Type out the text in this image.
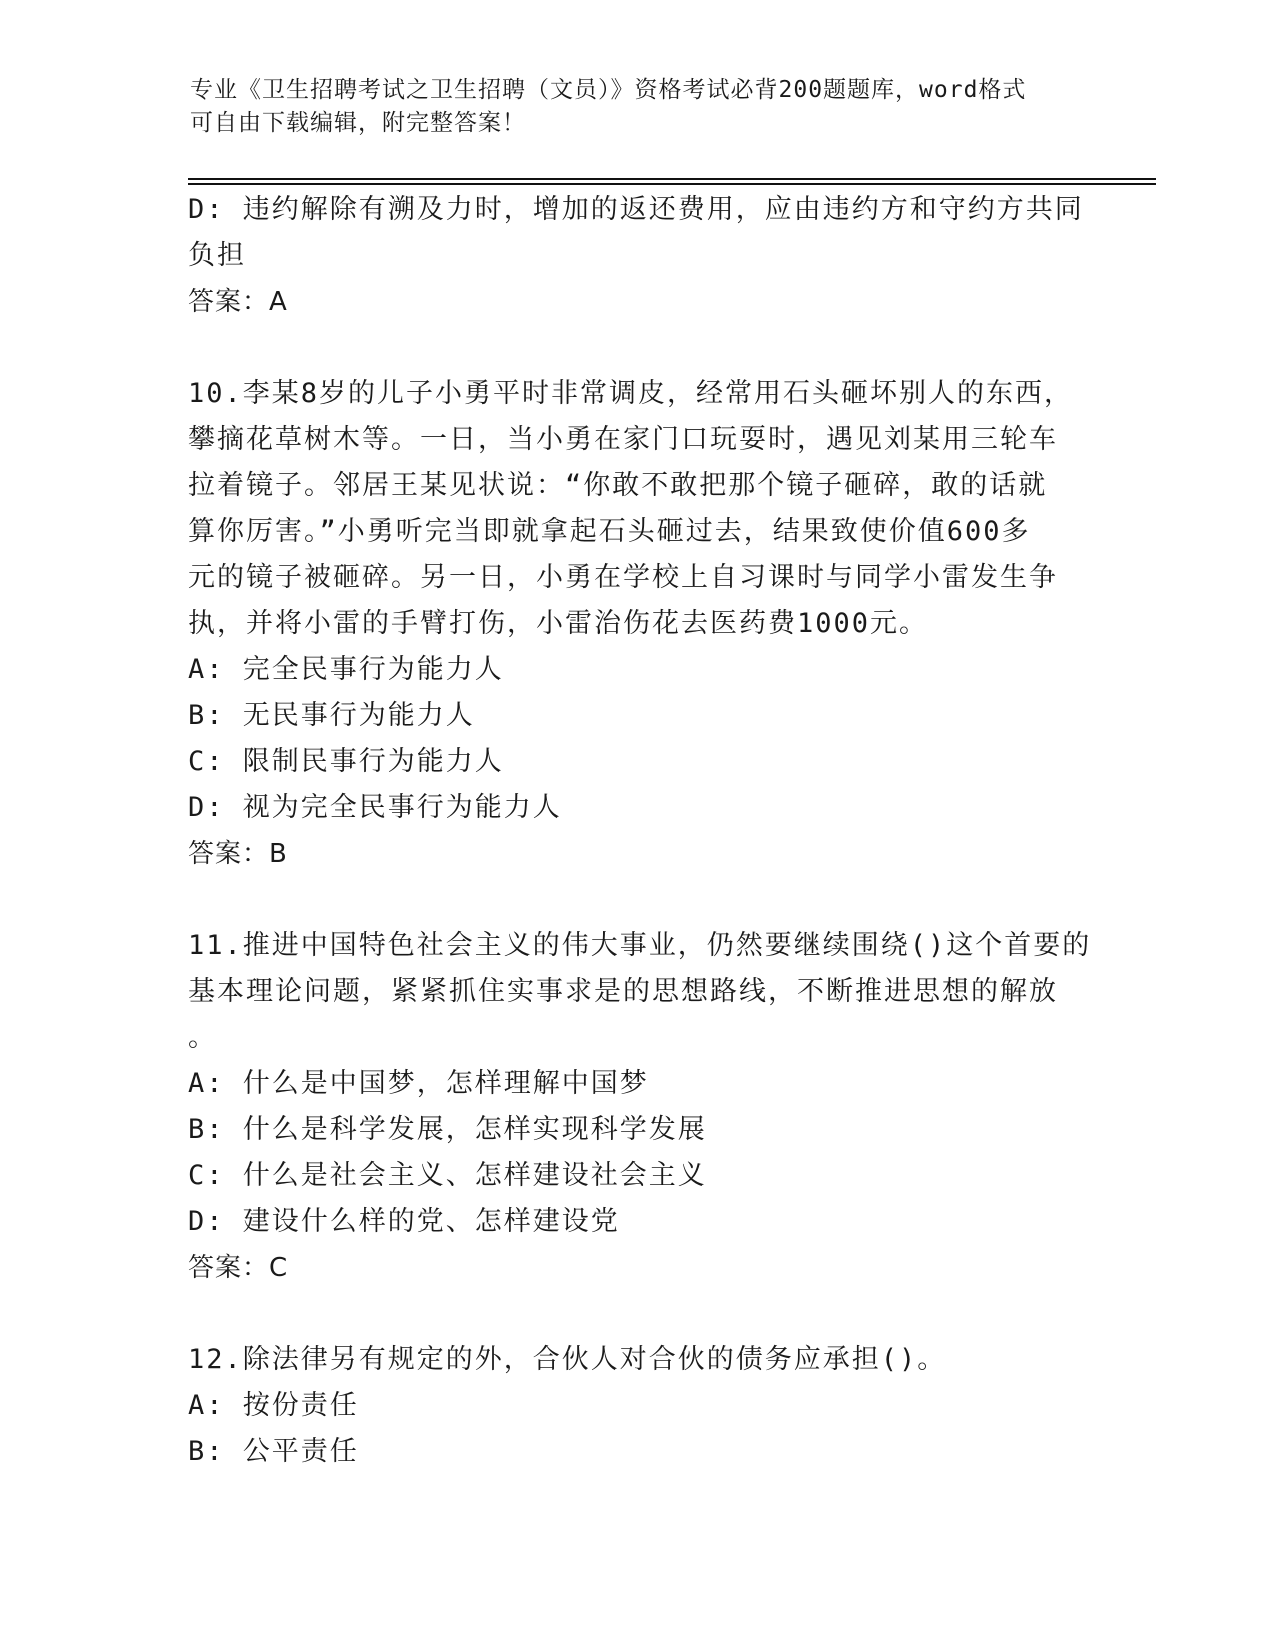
专业《卫生招聘考试之卫生招聘（文员）》资格考试必背200题题库，word格式
可自由下载编辑，附完整答案！
D: 违约解除有溯及力时，增加的返还费用，应由违约方和守约方共同
负担
答案：A
10.李某8岁的儿子小勇平时非常调皮，经常用石头砸坏别人的东西，
攀摘花草树木等。一日，当小勇在家门口玩耍时，遇见刘某用三轮车
拉着镜子。邻居王某见状说：“你敢不敢把那个镜子砸碎，敢的话就
算你厉害。”小勇听完当即就拿起石头砸过去，结果致使价值600多
元的镜子被砸碎。另一日，小勇在学校上自习课时与同学小雷发生争
执，并将小雷的手臂打伤，小雷治伤花去医药费1000元。
A: 完全民事行为能力人
B: 无民事行为能力人
C: 限制民事行为能力人
D: 视为完全民事行为能力人
答案：B
11.推进中国特色社会主义的伟大事业，仍然要继续围绕()这个首要的
基本理论问题，紧紧抓住实事求是的思想路线，不断推进思想的解放
。
A: 什么是中国梦，怎样理解中国梦
B: 什么是科学发展，怎样实现科学发展
C: 什么是社会主义、怎样建设社会主义
D: 建设什么样的党、怎样建设党
答案：C
12.除法律另有规定的外，合伙人对合伙的债务应承担()。
A: 按份责任
B: 公平责任
